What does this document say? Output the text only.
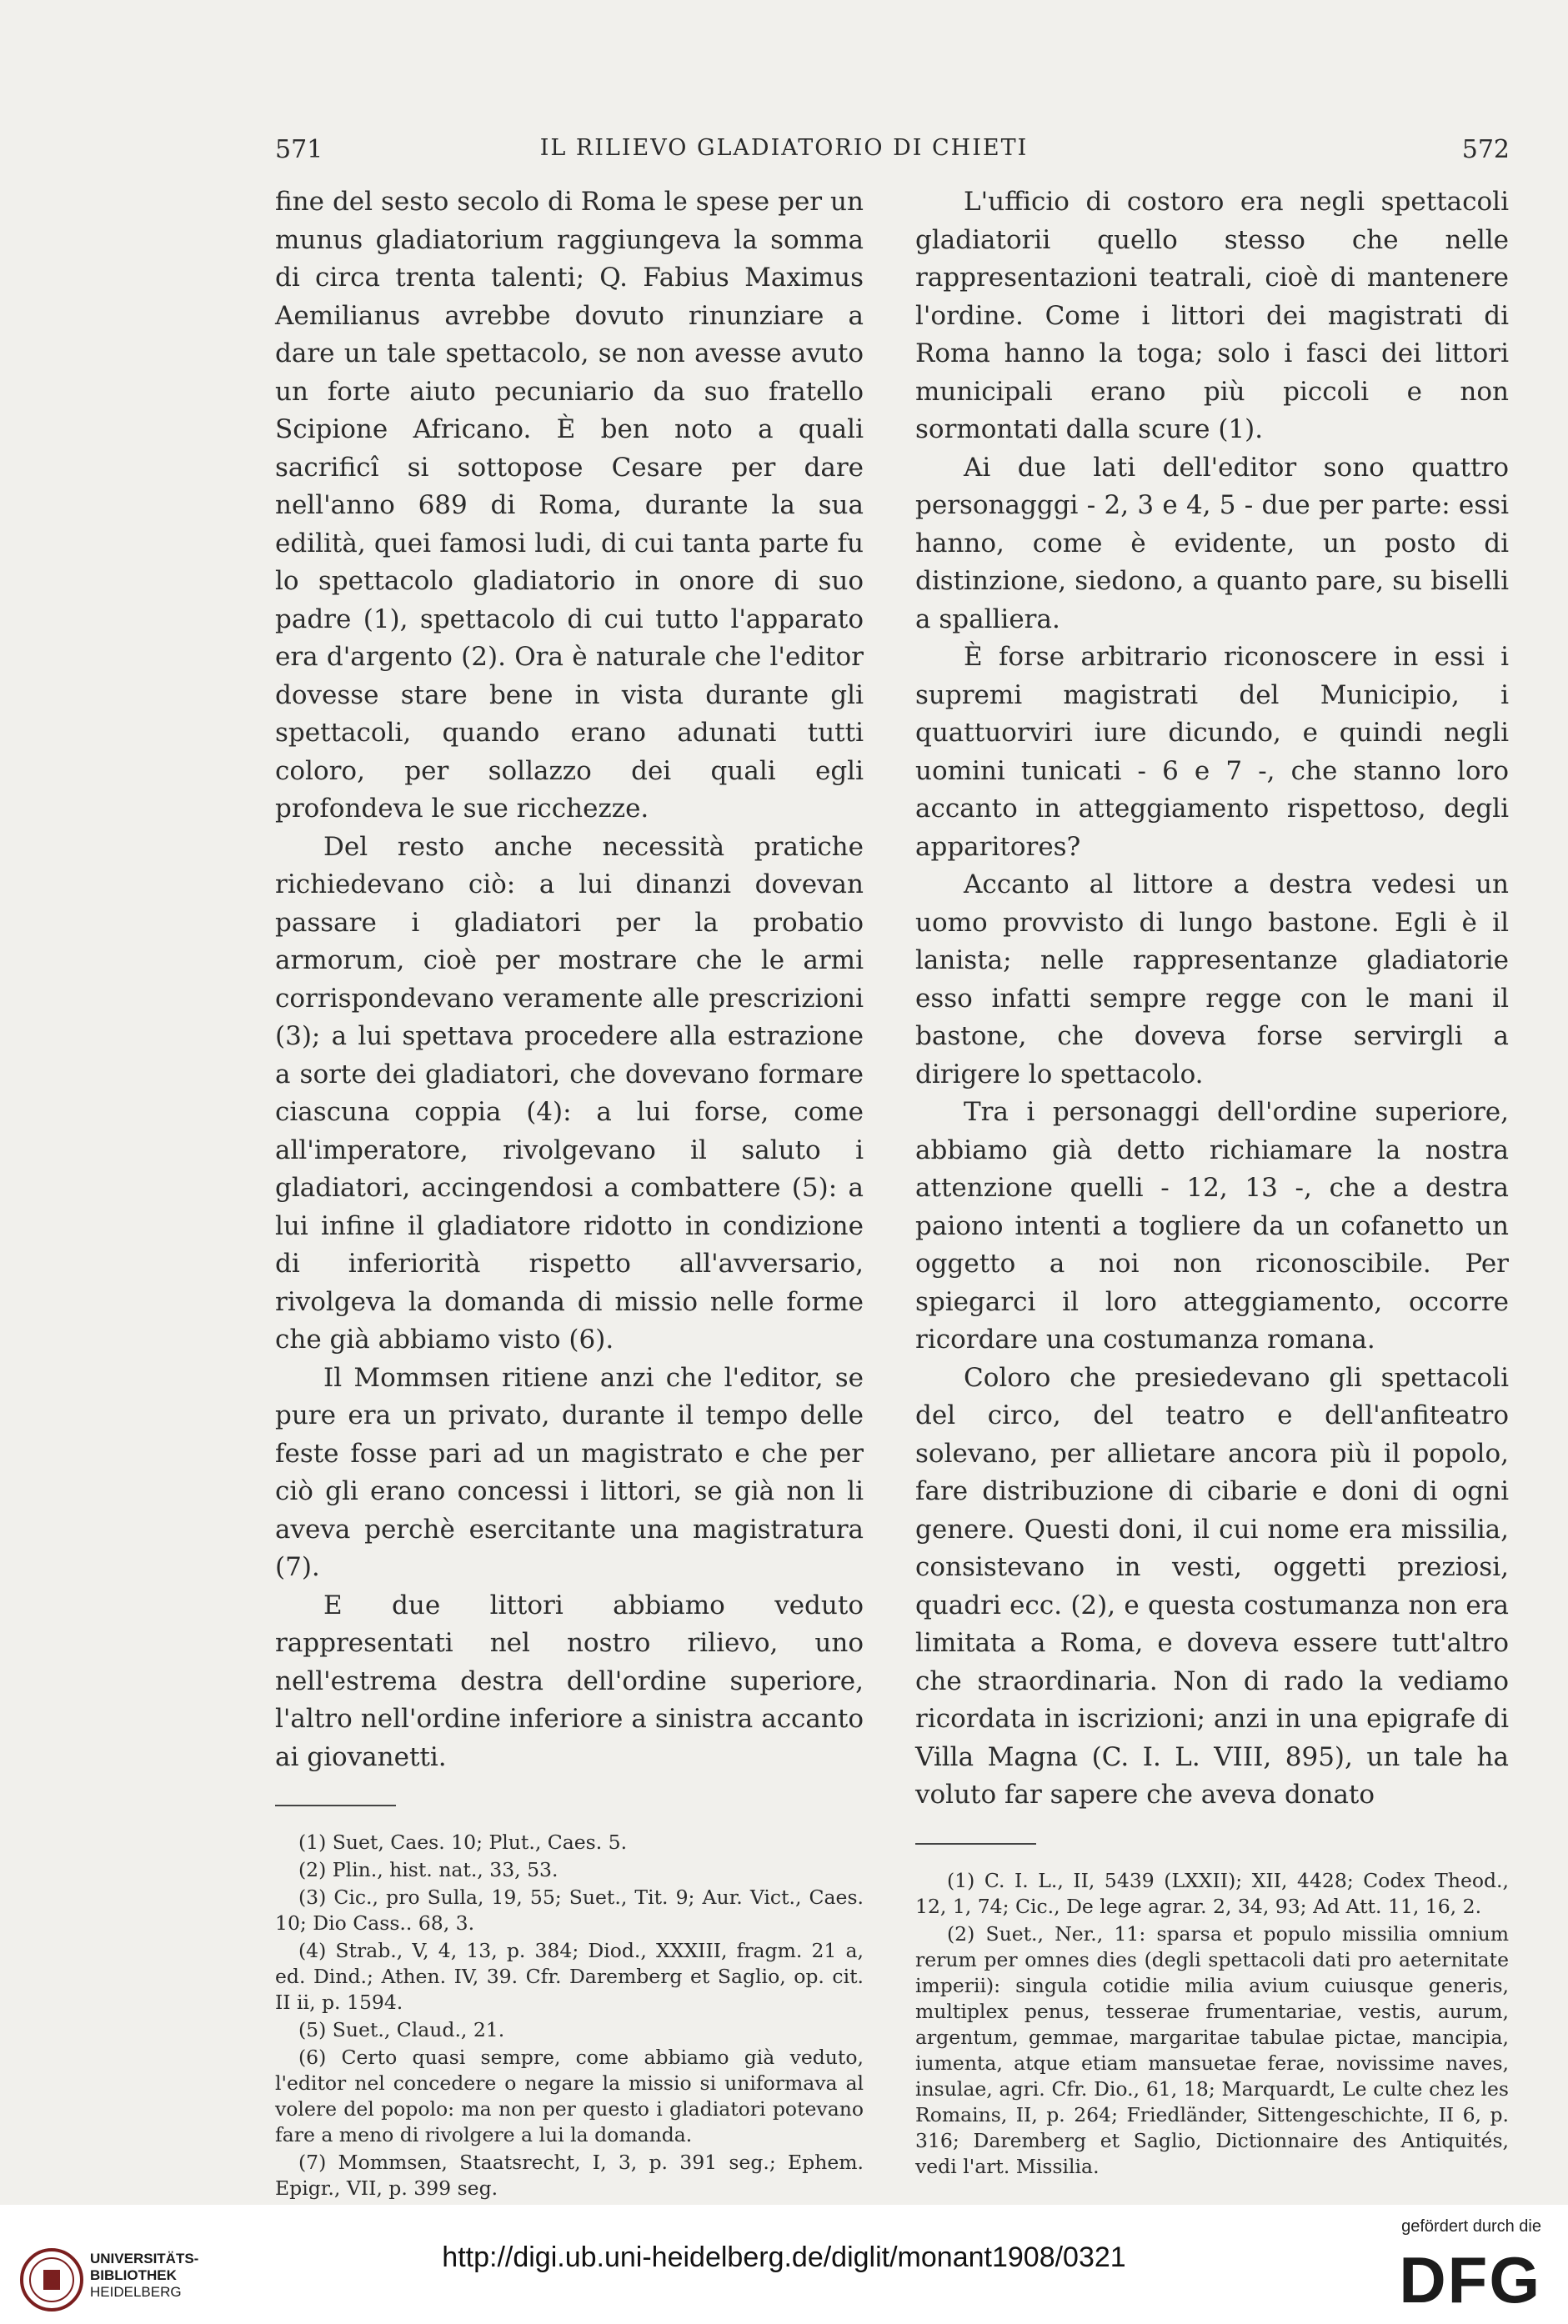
571	IL RILIEVO GLADIATORIO DI CHIETI	572

fine del sesto secolo di Roma le spese per un munus gladiatorium raggiungeva la somma di circa trenta talenti; Q. Fabius Maximus Aemilianus avrebbe dovuto rinunziare a dare un tale spettacolo, se non avesse avuto un forte aiuto pecuniario da suo fratello Scipione Africano. È ben noto a quali sacrificî si sottopose Cesare per dare nell'anno 689 di Roma, durante la sua edilità, quei famosi ludi, di cui tanta parte fu lo spettacolo gladiatorio in onore di suo padre (1), spettacolo di cui tutto l'apparato era d'argento (2). Ora è naturale che l'editor dovesse stare bene in vista durante gli spettacoli, quando erano adunati tutti coloro, per sollazzo dei quali egli profondeva le sue ricchezze.

Del resto anche necessità pratiche richiedevano ciò: a lui dinanzi dovevan passare i gladiatori per la probatio armorum, cioè per mostrare che le armi corrispondevano veramente alle prescrizioni (3); a lui spettava procedere alla estrazione a sorte dei gladiatori, che dovevano formare ciascuna coppia (4): a lui forse, come all'imperatore, rivolgevano il saluto i gladiatori, accingendosi a combattere (5): a lui infine il gladiatore ridotto in condizione di inferiorità rispetto all'avversario, rivolgeva la domanda di missio nelle forme che già abbiamo visto (6).

Il Mommsen ritiene anzi che l'editor, se pure era un privato, durante il tempo delle feste fosse pari ad un magistrato e che per ciò gli erano concessi i littori, se già non li aveva perchè esercitante una magistratura (7).

E due littori abbiamo veduto rappresentati nel nostro rilievo, uno nell'estrema destra dell'ordine superiore, l'altro nell'ordine inferiore a sinistra accanto ai giovanetti.

(1) Suet, Caes. 10; Plut., Caes. 5.

(2) Plin., hist. nat., 33, 53.

(3) Cic., pro Sulla, 19, 55; Suet., Tit. 9; Aur. Vict., Caes. 10; Dio Cass.. 68, 3.

(4) Strab., V, 4, 13, p. 384; Diod., XXXIII, fragm. 21 a, ed. Dind.; Athen. IV, 39. Cfr. Daremberg et Saglio, op. cit. II ii, p. 1594.

(5) Suet., Claud., 21.

(6) Certo quasi sempre, come abbiamo già veduto, l'editor nel concedere o negare la missio si uniformava al volere del popolo: ma non per questo i gladiatori potevano fare a meno di rivolgere a lui la domanda.

(7) Mommsen, Staatsrecht, I, 3, p. 391 seg.; Ephem. Epigr., VII, p. 399 seg.

L'ufficio di costoro era negli spettacoli gladiatorii quello stesso che nelle rappresentazioni teatrali, cioè di mantenere l'ordine. Come i littori dei magistrati di Roma hanno la toga; solo i fasci dei littori municipali erano più piccoli e non sormontati dalla scure (1).

Ai due lati dell'editor sono quattro personagggi - 2, 3 e 4, 5 - due per parte: essi hanno, come è evidente, un posto di distinzione, siedono, a quanto pare, su biselli a spalliera.

È forse arbitrario riconoscere in essi i supremi magistrati del Municipio, i quattuorviri iure dicundo, e quindi negli uomini tunicati - 6 e 7 -, che stanno loro accanto in atteggiamento rispettoso, degli apparitores?

Accanto al littore a destra vedesi un uomo provvisto di lungo bastone. Egli è il lanista; nelle rappresentanze gladiatorie esso infatti sempre regge con le mani il bastone, che doveva forse servirgli a dirigere lo spettacolo.

Tra i personaggi dell'ordine superiore, abbiamo già detto richiamare la nostra attenzione quelli - 12, 13 -, che a destra paiono intenti a togliere da un cofanetto un oggetto a noi non riconoscibile. Per spiegarci il loro atteggiamento, occorre ricordare una costumanza romana.

Coloro che presiedevano gli spettacoli del circo, del teatro e dell'anfiteatro solevano, per allietare ancora più il popolo, fare distribuzione di cibarie e doni di ogni genere. Questi doni, il cui nome era missilia, consistevano in vesti, oggetti preziosi, quadri ecc. (2), e questa costumanza non era limitata a Roma, e doveva essere tutt'altro che straordinaria. Non di rado la vediamo ricordata in iscrizioni; anzi in una epigrafe di Villa Magna (C. I. L. VIII, 895), un tale ha voluto far sapere che aveva donato

(1) C. I. L., II, 5439 (LXXII); XII, 4428; Codex Theod., 12, 1, 74; Cic., De lege agrar. 2, 34, 93; Ad Att. 11, 16, 2.

(2) Suet., Ner., 11: sparsa et populo missilia omnium rerum per omnes dies (degli spettacoli dati pro aeternitate imperii): singula cotidie milia avium cuiusque generis, multiplex penus, tesserae frumentariae, vestis, aurum, argentum, gemmae, margaritae tabulae pictae, mancipia, iumenta, atque etiam mansuetae ferae, novissime naves, insulae, agri. Cfr. Dio., 61, 18; Marquardt, Le culte chez les Romains, II, p. 264; Friedländer, Sittengeschichte, II 6, p. 316; Daremberg et Saglio, Dictionnaire des Antiquités, vedi l'art. Missilia.

UNIVERSITÄTS-
BIBLIOTHEK
HEIDELBERG
http://digi.ub.uni-heidelberg.de/diglit/monant1908/0321
gefördert durch die
DFG
